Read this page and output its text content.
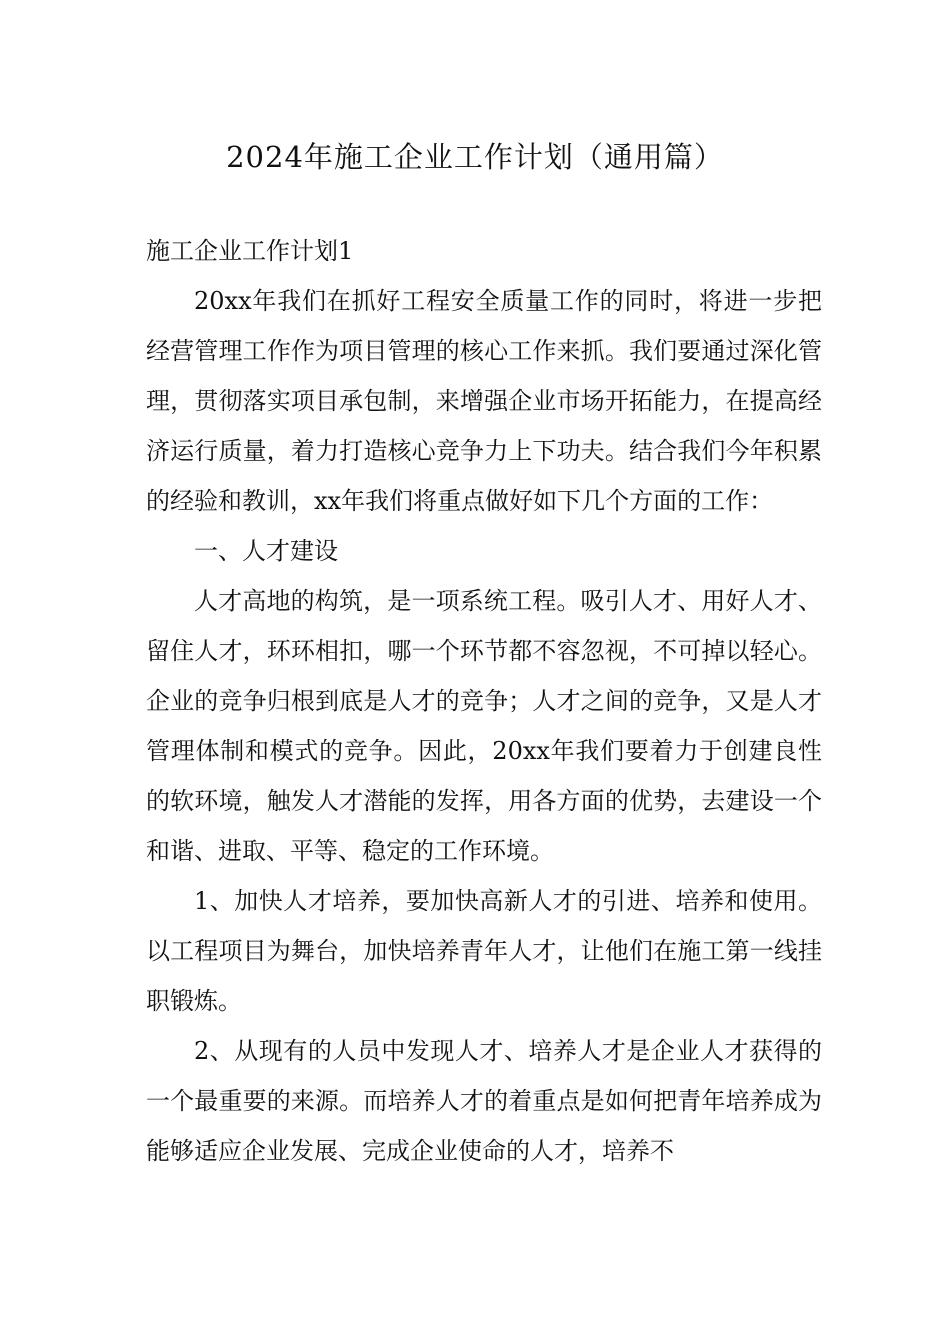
2024年施工企业工作计划（通用篇）
施工企业工作计划1

20xx年我们在抓好工程安全质量工作的同时，将进一步把经营管理工作作为项目管理的核心工作来抓。我们要通过深化管理，贯彻落实项目承包制，来增强企业市场开拓能力，在提高经济运行质量，着力打造核心竞争力上下功夫。结合我们今年积累的经验和教训，xx年我们将重点做好如下几个方面的工作：

一、人才建设

人才高地的构筑，是一项系统工程。吸引人才、用好人才、留住人才，环环相扣，哪一个环节都不容忽视，不可掉以轻心。企业的竞争归根到底是人才的竞争；人才之间的竞争，又是人才管理体制和模式的竞争。因此，20xx年我们要着力于创建良性的软环境，触发人才潜能的发挥，用各方面的优势，去建设一个和谐、进取、平等、稳定的工作环境。

1、加快人才培养，要加快高新人才的引进、培养和使用。以工程项目为舞台，加快培养青年人才，让他们在施工第一线挂职锻炼。

2、从现有的人员中发现人才、培养人才是企业人才获得的一个最重要的来源。而培养人才的着重点是如何把青年培养成为能够适应企业发展、完成企业使命的人才，培养不
